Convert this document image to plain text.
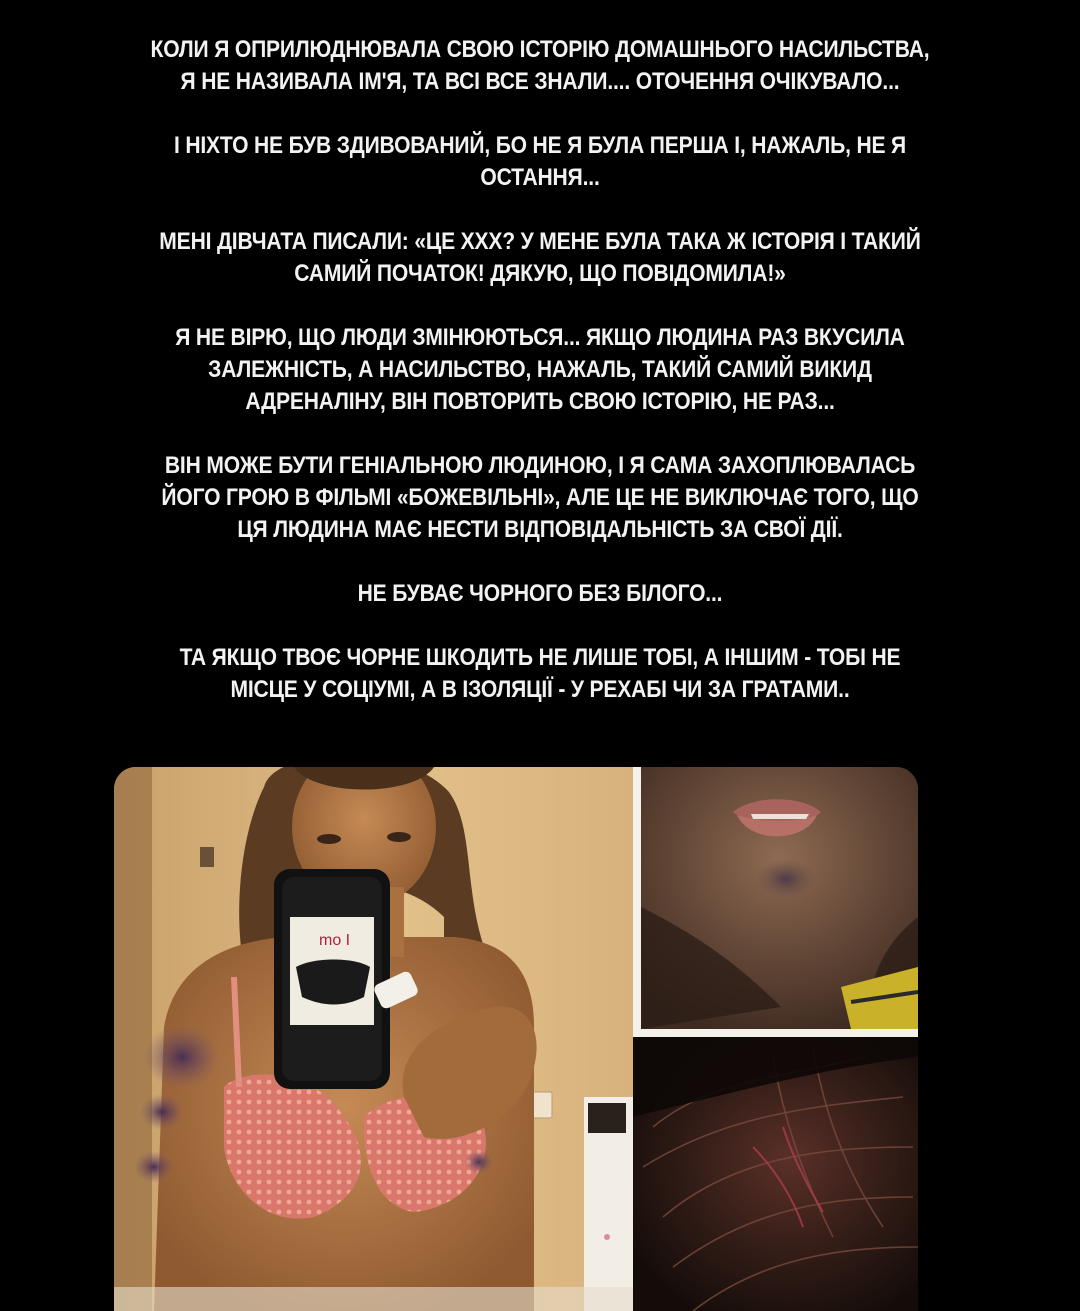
КОЛИ Я ОПРИЛЮДНЮВАЛА СВОЮ ІСТОРІЮ ДОМАШНЬОГО НАСИЛЬСТВА,
Я НЕ НАЗИВАЛА ІМ'Я, ТА ВСІ ВСЕ ЗНАЛИ.... ОТОЧЕННЯ ОЧІКУВАЛО...

І НІХТО НЕ БУВ ЗДИВОВАНИЙ, БО НЕ Я БУЛА ПЕРША І, НАЖАЛЬ, НЕ Я
ОСТАННЯ...

МЕНІ ДІВЧАТА ПИСАЛИ: «ЦЕ ХХХ? У МЕНЕ БУЛА ТАКА Ж ІСТОРІЯ І ТАКИЙ
САМИЙ ПОЧАТОК! ДЯКУЮ, ЩО ПОВІДОМИЛА!»

Я НЕ ВІРЮ, ЩО ЛЮДИ ЗМІНЮЮТЬСЯ... ЯКЩО ЛЮДИНА РАЗ ВКУСИЛА
ЗАЛЕЖНІСТЬ, А НАСИЛЬСТВО, НАЖАЛЬ, ТАКИЙ САМИЙ ВИКИД
АДРЕНАЛІНУ, ВІН ПОВТОРИТЬ СВОЮ ІСТОРІЮ, НЕ РАЗ...

ВІН МОЖЕ БУТИ ГЕНІАЛЬНОЮ ЛЮДИНОЮ, І Я САМА ЗАХОПЛЮВАЛАСЬ
ЙОГО ГРОЮ В ФІЛЬМІ «БОЖЕВІЛЬНІ», АЛЕ ЦЕ НЕ ВИКЛЮЧАЄ ТОГО, ЩО
ЦЯ ЛЮДИНА МАЄ НЕСТИ ВІДПОВІДАЛЬНІСТЬ ЗА СВОЇ ДІЇ.

НЕ БУВАЄ ЧОРНОГО БЕЗ БІЛОГО...

ТА ЯКЩО ТВОЄ ЧОРНЕ ШКОДИТЬ НЕ ЛИШЕ ТОБІ, А ІНШИМ - ТОБІ НЕ
МІСЦЕ У СОЦІУМІ, А В ІЗОЛЯЦІЇ - У РЕХАБІ ЧИ ЗА ГРАТАМИ..

mo I
